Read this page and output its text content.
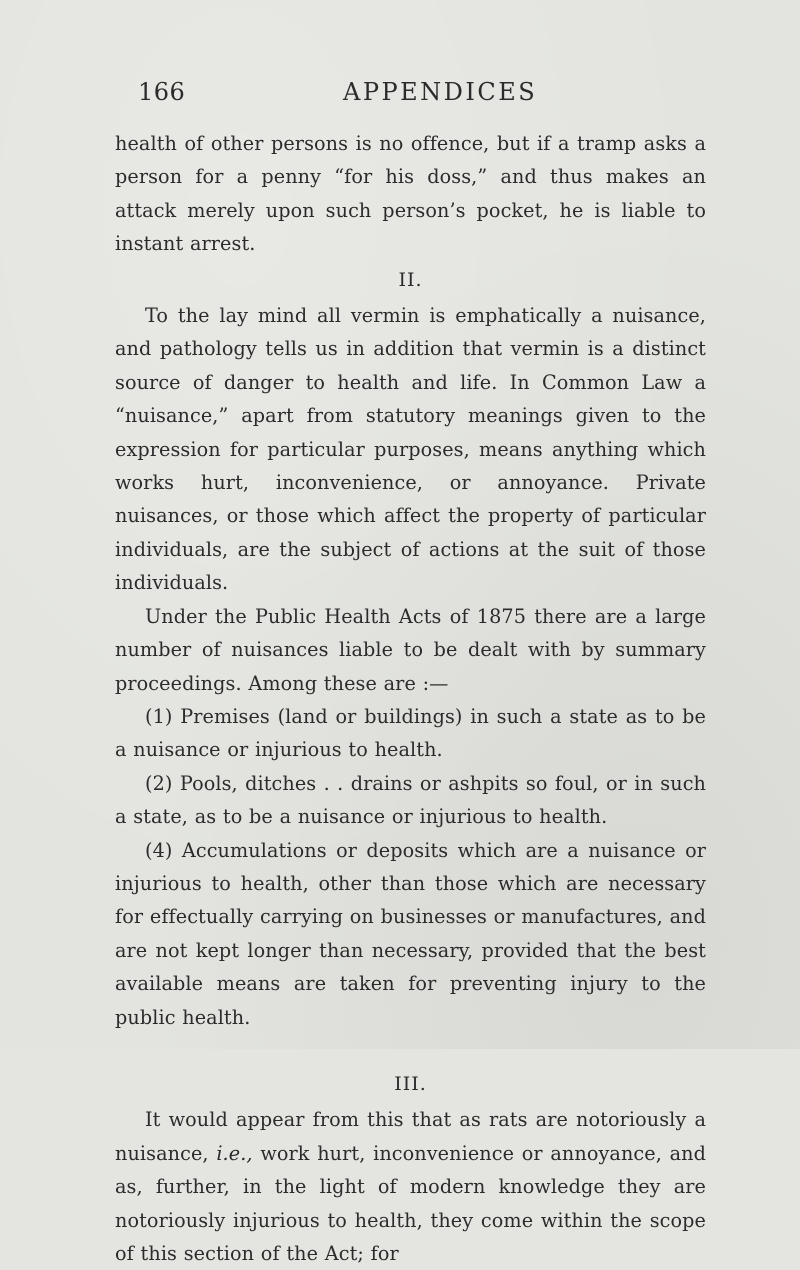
166	APPENDICES

health of other persons is no offence, but if a tramp asks a person for a penny “for his doss,” and thus makes an attack merely upon such person’s pocket, he is liable to instant arrest.

II.

To the lay mind all vermin is emphatically a nuisance, and pathology tells us in addition that vermin is a distinct source of danger to health and life. In Common Law a “nuisance,” apart from statutory meanings given to the expression for particular purposes, means anything which works hurt, inconvenience, or annoyance. Private nuisances, or those which affect the property of particular individuals, are the subject of actions at the suit of those individuals.

Under the Public Health Acts of 1875 there are a large number of nuisances liable to be dealt with by summary proceedings. Among these are :—

(1) Premises (land or buildings) in such a state as to be a nuisance or injurious to health.

(2) Pools, ditches . . drains or ashpits so foul, or in such a state, as to be a nuisance or injurious to health.

(4) Accumulations or deposits which are a nuisance or injurious to health, other than those which are necessary for effectually carrying on businesses or manufactures, and are not kept longer than necessary, provided that the best available means are taken for preventing injury to the public health.

III.

It would appear from this that as rats are notoriously a nuisance, i.e., work hurt, inconvenience or annoyance, and as, further, in the light of modern knowledge they are notoriously injurious to health, they come within the scope of this section of the Act; for
